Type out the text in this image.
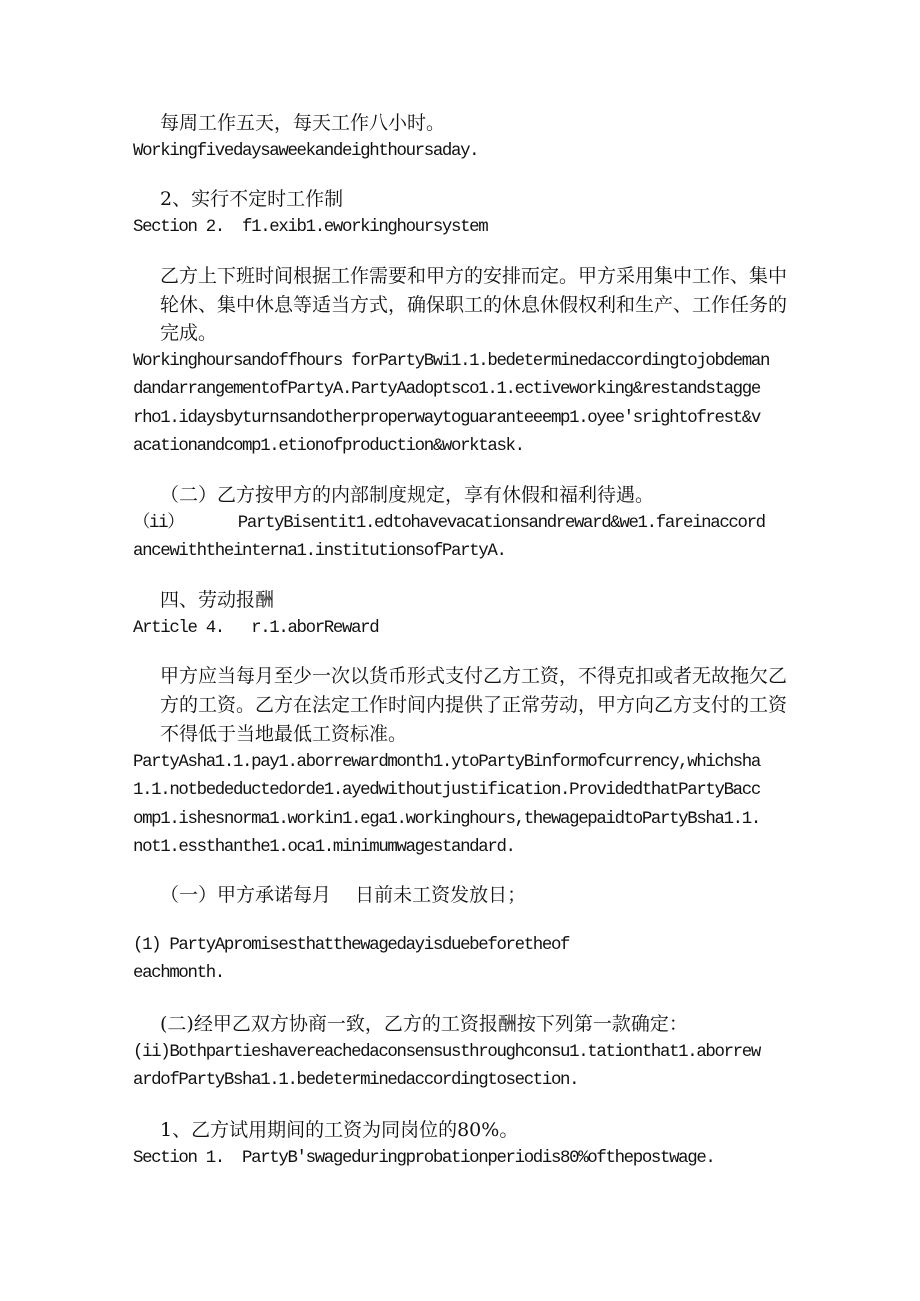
每周工作五天，每天工作八小时。
Workingfivedaysaweekandeighthoursaday.
2、实行不定时工作制
Section 2.  f1.exib1.eworkinghoursystem
乙方上下班时间根据工作需要和甲方的安排而定。甲方采用集中工作、集中
轮休、集中休息等适当方式，确保职工的休息休假权利和生产、工作任务的
完成。
Workinghoursandoffhours forPartyBwi1.1.bedeterminedaccordingtojobdeman
dandarrangementofPartyA.PartyAadoptsco1.1.ectiveworking&restandstagge
rho1.idaysbyturnsandotherproperwaytoguaranteeemp1.oyee'srightofrest&v
acationandcomp1.etionofproduction&worktask.
（二）乙方按甲方的内部制度规定，享有休假和福利待遇。
（ii）      PartyBisentit1.edtohavevacationsandreward&we1.fareinaccord
ancewiththeinterna1.institutionsofPartyA.
四、劳动报酬
Article 4.   r.1.aborReward
甲方应当每月至少一次以货币形式支付乙方工资，不得克扣或者无故拖欠乙
方的工资。乙方在法定工作时间内提供了正常劳动，甲方向乙方支付的工资
不得低于当地最低工资标准。
PartyAsha1.1.pay1.aborrewardmonth1.ytoPartyBinformofcurrency,whichsha
1.1.notbedeductedorde1.ayedwithoutjustification.ProvidedthatPartyBacc
omp1.ishesnorma1.workin1.ega1.workinghours,thewagepaidtoPartyBsha1.1.
not1.essthanthe1.oca1.minimumwagestandard.
（一）甲方承诺每月    日前未工资发放日；
(1) PartyApromisesthatthewagedayisduebeforetheof
eachmonth.
(二)经甲乙双方协商一致，乙方的工资报酬按下列第一款确定：
(ii)Bothpartieshavereachedaconsensusthroughconsu1.tationthat1.aborrew
ardofPartyBsha1.1.bedeterminedaccordingtosection.
1、乙方试用期间的工资为同岗位的80%。
Section 1.  PartyB'swageduringprobationperiodis80%ofthepostwage.
